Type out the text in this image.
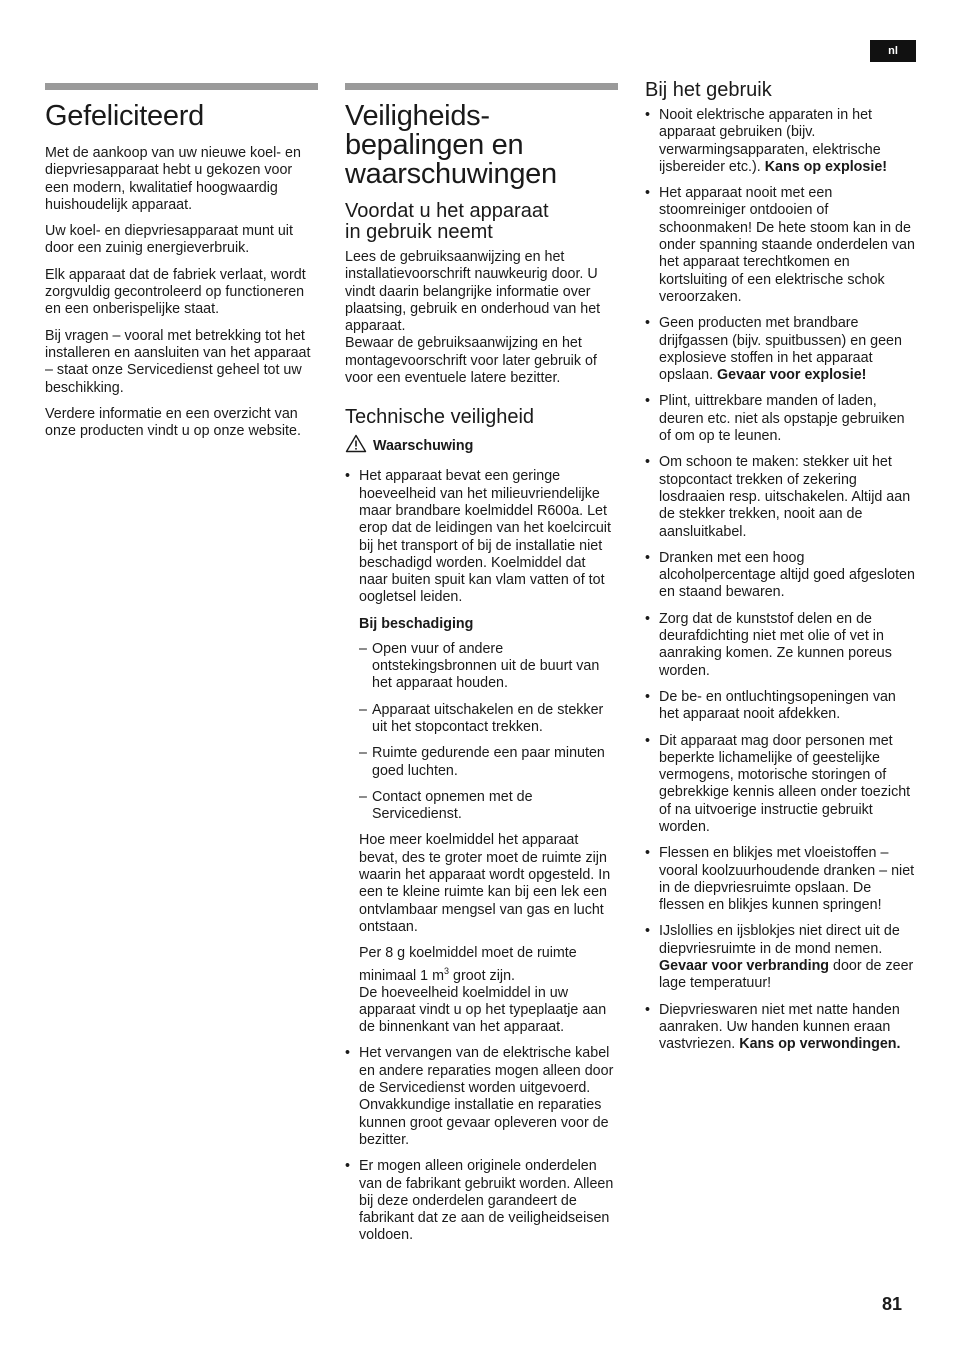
nl
Gefeliciteerd

Met de aankoop van uw nieuwe koel- en diepvriesapparaat hebt u gekozen voor een modern, kwalitatief hoogwaardig huishoudelijk apparaat.

Uw koel- en diepvriesapparaat munt uit door een zuinig energieverbruik.

Elk apparaat dat de fabriek verlaat, wordt zorgvuldig gecontroleerd op functioneren en een onberispelijke staat.

Bij vragen – vooral met betrekking tot het installeren en aansluiten van het apparaat – staat onze Servicedienst geheel tot uw beschikking.

Verdere informatie en een overzicht van onze producten vindt u op onze website.

Veiligheids-
bepalingen en
waarschuwingen
Voordat u het apparaat
in gebruik neemt

Lees de gebruiksaanwijzing en het installatievoorschrift nauwkeurig door. U vindt daarin belangrijke informatie over plaatsing, gebruik en onderhoud van het apparaat.
Bewaar de gebruiksaanwijzing en het montagevoorschrift voor later gebruik of voor een eventuele latere bezitter.

Technische veiligheid
Waarschuwing
• Het apparaat bevat een geringe hoeveelheid van het milieuvriendelijke maar brandbare koelmiddel R600a. Let erop dat de leidingen van het koelcircuit bij het transport of bij de installatie niet beschadigd worden. Koelmiddel dat naar buiten spuit kan vlam vatten of tot oogletsel leiden.
Bij beschadiging
– Open vuur of andere ontstekingsbronnen uit de buurt van het apparaat houden.
– Apparaat uitschakelen en de stekker uit het stopcontact trekken.
– Ruimte gedurende een paar minuten goed luchten.
– Contact opnemen met de Servicedienst.

Hoe meer koelmiddel het apparaat bevat, des te groter moet de ruimte zijn waarin het apparaat wordt opgesteld. In een te kleine ruimte kan bij een lek een ontvlambaar mengsel van gas en lucht ontstaan.

Per 8 g koelmiddel moet de ruimte minimaal 1 $m^3$ groot zijn.
De hoeveelheid koelmiddel in uw apparaat vindt u op het typeplaatje aan de binnenkant van het apparaat.

• Het vervangen van de elektrische kabel en andere reparaties mogen alleen door de Servicedienst worden uitgevoerd. Onvakkundige installatie en reparaties kunnen groot gevaar opleveren voor de bezitter.
• Er mogen alleen originele onderdelen van de fabrikant gebruikt worden. Alleen bij deze onderdelen garandeert de fabrikant dat ze aan de veiligheidseisen voldoen.
Bij het gebruik
• Nooit elektrische apparaten in het apparaat gebruiken (bijv. verwarmingsapparaten, elektrische ijsbereider etc.). Kans op explosie!
• Het apparaat nooit met een stoomreiniger ontdooien of schoonmaken! De hete stoom kan in de onder spanning staande onderdelen van het apparaat terechtkomen en kortsluiting of een elektrische schok veroorzaken.
• Geen producten met brandbare drijfgassen (bijv. spuitbussen) en geen explosieve stoffen in het apparaat opslaan. Gevaar voor explosie!
• Plint, uittrekbare manden of laden, deuren etc. niet als opstapje gebruiken of om op te leunen.
• Om schoon te maken: stekker uit het stopcontact trekken of zekering losdraaien resp. uitschakelen. Altijd aan de stekker trekken, nooit aan de aansluitkabel.
• Dranken met een hoog alcoholpercentage altijd goed afgesloten en staand bewaren.
• Zorg dat de kunststof delen en de deurafdichting niet met olie of vet in aanraking komen. Ze kunnen poreus worden.
• De be- en ontluchtingsopeningen van het apparaat nooit afdekken.
• Dit apparaat mag door personen met beperkte lichamelijke of geestelijke vermogens, motorische storingen of gebrekkige kennis alleen onder toezicht of na uitvoerige instructie gebruikt worden.
• Flessen en blikjes met vloeistoffen – vooral koolzuurhoudende dranken – niet in de diepvriesruimte opslaan. De flessen en blikjes kunnen springen!
• IJslollies en ijsblokjes niet direct uit de diepvriesruimte in de mond nemen. Gevaar voor verbranding door de zeer lage temperatuur!
• Diepvrieswaren niet met natte handen aanraken. Uw handen kunnen eraan vastvriezen. Kans op verwondingen.
81
